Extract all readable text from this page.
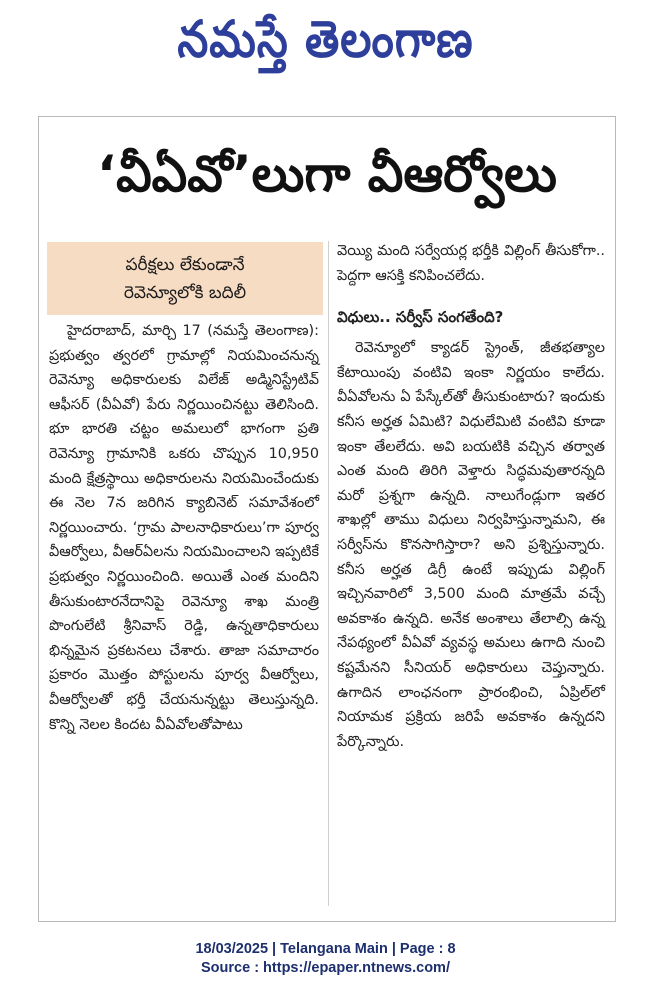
నమస్తే తెలంగాణ
‘వీఏవో’లుగా వీఆర్వోలు
పరీక్షలు లేకుండానే
రెవెన్యూలోకి బదిలీ

హైదరాబాద్, మార్చి 17 (నమస్తే తెలంగాణ): ప్రభుత్వం త్వరలో గ్రామాల్లో నియమించనున్న రెవెన్యూ అధికారులకు విలేజ్ అడ్మినిస్ట్రేటివ్ ఆఫీసర్ (వీఏవో) పేరు నిర్ణయించినట్టు తెలిసింది. భూ భారతి చట్టం అమలులో భాగంగా ప్రతి రెవెన్యూ గ్రామానికి ఒకరు చొప్పున 10,950 మంది క్షేత్రస్థాయి అధికారులను నియమించేందుకు ఈ నెల 7న జరిగిన క్యాబినెట్ సమావేశంలో నిర్ణయించారు. ‘గ్రామ పాలనాధికారులు’గా పూర్వ వీఆర్వోలు, వీఆర్ఏలను నియమించాలని ఇప్పటికే ప్రభుత్వం నిర్ణయించింది. అయితే ఎంత మందిని తీసుకుంటారనేదానిపై రెవెన్యూ శాఖ మంత్రి పొంగులేటి శ్రీనివాస్ రెడ్డి, ఉన్నతాధికారులు భిన్నమైన ప్రకటనలు చేశారు. తాజా సమాచారం ప్రకారం మొత్తం పోస్టులను పూర్వ వీఆర్వోలు, వీఆర్వోలతో భర్తీ చేయనున్నట్టు తెలుస్తున్నది. కొన్ని నెలల కిందట వీఏవోలతోపాటు

వెయ్యి మంది సర్వేయర్ల భర్తీకి విల్లింగ్ తీసుకోగా.. పెద్దగా ఆసక్తి కనిపించలేదు.

విధులు.. సర్వీస్ సంగతేంది?

రెవెన్యూలో క్యాడర్ స్ట్రెంత్, జీతభత్యాల కేటాయింపు వంటివి ఇంకా నిర్ణయం కాలేదు. వీఏవోలను ఏ పేస్కేల్‌తో తీసుకుంటారు? ఇందుకు కనీస అర్హత ఏమిటి? విధులేమిటి వంటివి కూడా ఇంకా తేలలేదు. అవి బయటికి వచ్చిన తర్వాత ఎంత మంది తిరిగి వెళ్తారు సిద్ధమవుతారన్నది మరో ప్రశ్నగా ఉన్నది. నాలుగేండ్లుగా ఇతర శాఖల్లో తాము విధులు నిర్వహిస్తున్నామని, ఈ సర్వీస్‌ను కొనసాగిస్తారా? అని ప్రశ్నిస్తున్నారు. కనీస అర్హత డిగ్రీ ఉంటే ఇప్పుడు విల్లింగ్ ఇచ్చినవారిలో 3,500 మంది మాత్రమే వచ్చే అవకాశం ఉన్నది. అనేక అంశాలు తేలాల్సి ఉన్న నేపథ్యంలో వీఏవో వ్యవస్థ అమలు ఉగాది నుంచి కష్టమేనని సీనియర్ అధికారులు చెప్తున్నారు. ఉగాదిన లాంఛనంగా ప్రారంభించి, ఏప్రిల్‌లో నియామక ప్రక్రియ జరిపే అవకాశం ఉన్నదని పేర్కొన్నారు.

18/03/2025 | Telangana Main | Page : 8
Source : https://epaper.ntnews.com/
